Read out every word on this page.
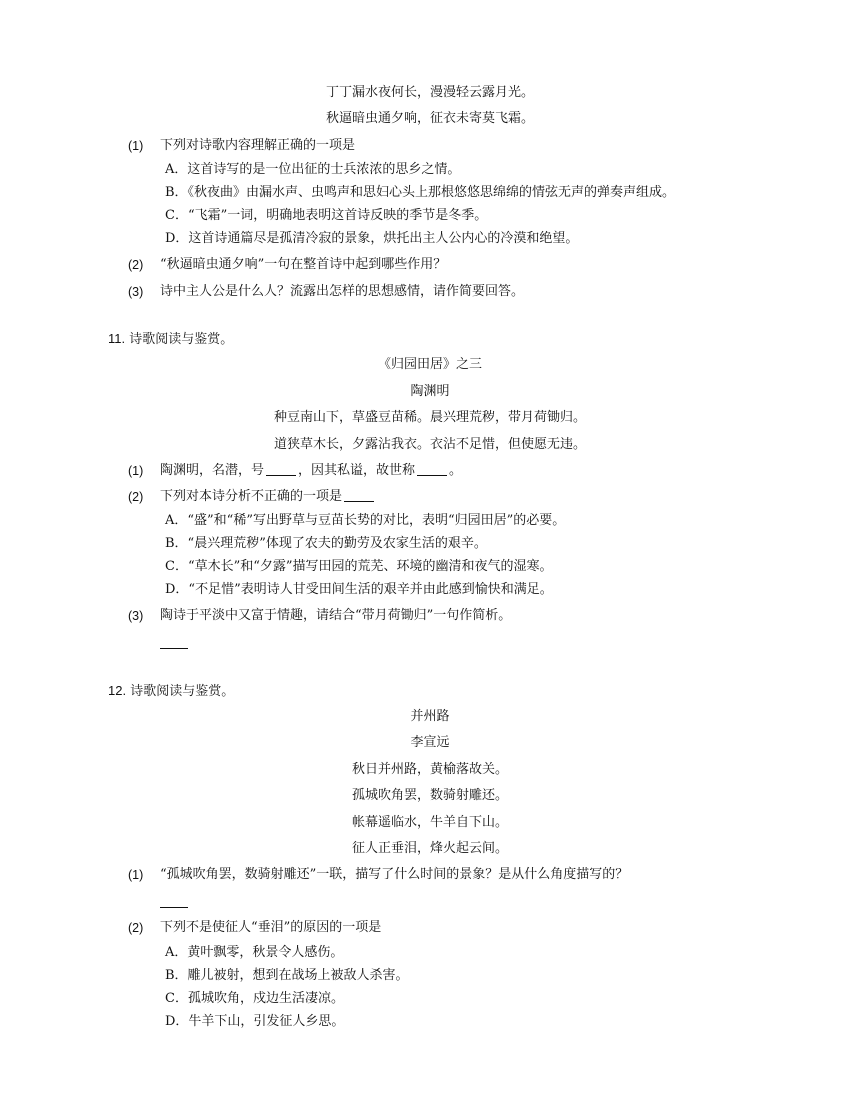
丁丁漏水夜何长，漫漫轻云露月光。
秋逼暗虫通夕响，征衣未寄莫飞霜。
(1) 下列对诗歌内容理解正确的一项是
A．这首诗写的是一位出征的士兵浓浓的思乡之情。
B．《秋夜曲》由漏水声、虫鸣声和思妇心头上那根悠悠思绵绵的情弦无声的弹奏声组成。
C．“飞霜”一词，明确地表明这首诗反映的季节是冬季。
D．这首诗通篇尽是孤清冷寂的景象，烘托出主人公内心的冷漠和绝望。
(2) “秋逼暗虫通夕响”一句在整首诗中起到哪些作用？
(3) 诗中主人公是什么人？流露出怎样的思想感情，请作简要回答。
11. 诗歌阅读与鉴赏。
《归园田居》之三
陶渊明
种豆南山下，草盛豆苗稀。晨兴理荒秽，带月荷锄归。
道狭草木长，夕露沾我衣。衣沾不足惜，但使愿无违。
(1) 陶渊明，名潜，号	，因其私谥，故世称	。
(2) 下列对本诗分析不正确的一项是
A．“盛”和“稀”写出野草与豆苗长势的对比，表明“归园田居”的必要。
B．“晨兴理荒秽”体现了农夫的勤劳及农家生活的艰辛。
C．“草木长”和“夕露”描写田园的荒芜、环境的幽清和夜气的湿寒。
D．“不足惜”表明诗人甘受田间生活的艰辛并由此感到愉快和满足。
(3) 陶诗于平淡中又富于情趣，请结合“带月荷锄归”一句作简析。
12. 诗歌阅读与鉴赏。
并州路
李宣远
秋日并州路，黄榆落故关。
孤城吹角罢，数骑射雕还。
帐幕遥临水，牛羊自下山。
征人正垂泪，烽火起云间。
(1) “孤城吹角罢，数骑射雕还”一联，描写了什么时间的景象？是从什么角度描写的？
(2) 下列不是使征人“垂泪”的原因的一项是
A．黄叶飘零，秋景令人感伤。
B．雕儿被射，想到在战场上被敌人杀害。
C．孤城吹角，戍边生活凄凉。
D．牛羊下山，引发征人乡思。
